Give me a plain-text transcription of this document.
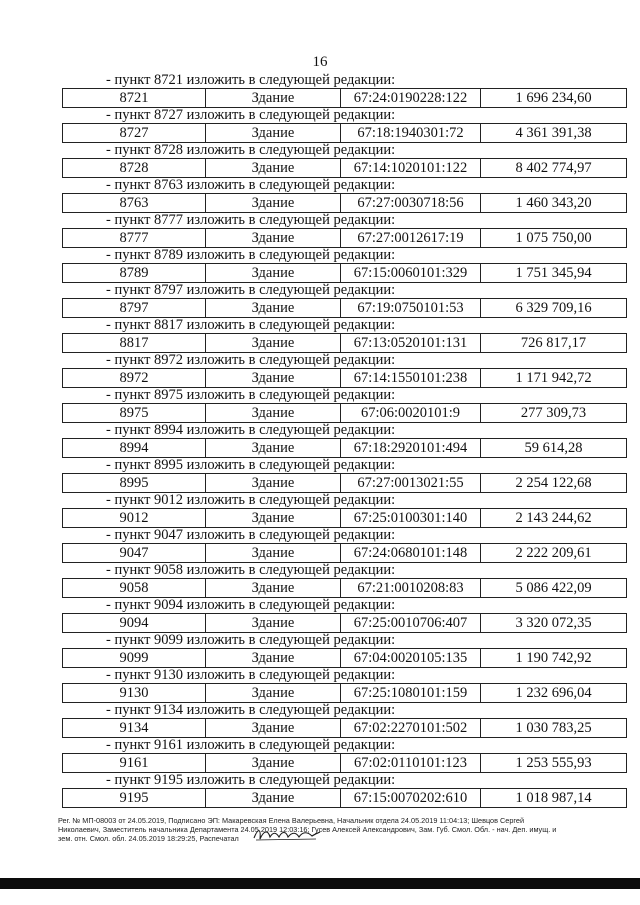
16
- пункт 8721 изложить в следующей редакции:
8721	Здание	67:24:0190228:122	1 696 234,60
- пункт 8727 изложить в следующей редакции:
8727	Здание	67:18:1940301:72	4 361 391,38
- пункт 8728 изложить в следующей редакции:
8728	Здание	67:14:1020101:122	8 402 774,97
- пункт 8763 изложить в следующей редакции:
8763	Здание	67:27:0030718:56	1 460 343,20
- пункт 8777 изложить в следующей редакции:
8777	Здание	67:27:0012617:19	1 075 750,00
- пункт 8789 изложить в следующей редакции:
8789	Здание	67:15:0060101:329	1 751 345,94
- пункт 8797 изложить в следующей редакции:
8797	Здание	67:19:0750101:53	6 329 709,16
- пункт 8817 изложить в следующей редакции:
8817	Здание	67:13:0520101:131	726 817,17
- пункт 8972 изложить в следующей редакции:
8972	Здание	67:14:1550101:238	1 171 942,72
- пункт 8975 изложить в следующей редакции:
8975	Здание	67:06:0020101:9	277 309,73
- пункт 8994 изложить в следующей редакции:
8994	Здание	67:18:2920101:494	59 614,28
- пункт 8995 изложить в следующей редакции:
8995	Здание	67:27:0013021:55	2 254 122,68
- пункт 9012 изложить в следующей редакции:
9012	Здание	67:25:0100301:140	2 143 244,62
- пункт 9047 изложить в следующей редакции:
9047	Здание	67:24:0680101:148	2 222 209,61
- пункт 9058 изложить в следующей редакции:
9058	Здание	67:21:0010208:83	5 086 422,09
- пункт 9094 изложить в следующей редакции:
9094	Здание	67:25:0010706:407	3 320 072,35
- пункт 9099 изложить в следующей редакции:
9099	Здание	67:04:0020105:135	1 190 742,92
- пункт 9130 изложить в следующей редакции:
9130	Здание	67:25:1080101:159	1 232 696,04
- пункт 9134 изложить в следующей редакции:
9134	Здание	67:02:2270101:502	1 030 783,25
- пункт 9161 изложить в следующей редакции:
9161	Здание	67:02:0110101:123	1 253 555,93
- пункт 9195 изложить в следующей редакции:
9195	Здание	67:15:0070202:610	1 018 987,14

Рег. № МП-08003 от 24.05.2019, Подписано ЭП: Макаревская Елена Валерьевна, Начальник отдела 24.05.2019 11:04:13; Шевцов Сергей

Николаевич, Заместитель начальника Департамента 24.05.2019 12:03:16; Гусев Алексей Александрович, Зам. Губ. Смол. Обл. - нач. Деп. имущ. и

зем. отн. Смол. обл. 24.05.2019 18:29:25, Распечатал
